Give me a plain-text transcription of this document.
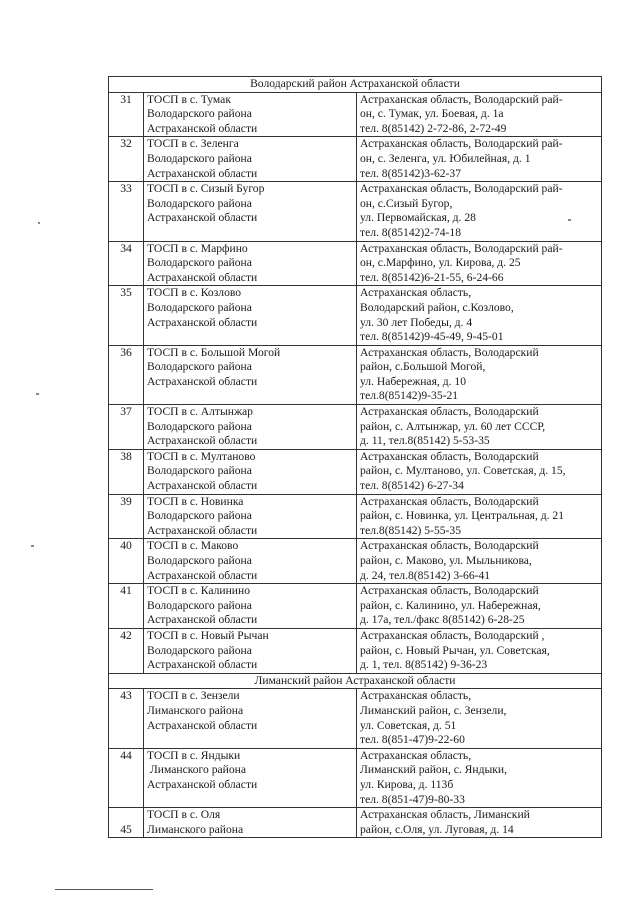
Володарский район Астраханской области		
31	ТОСП в с. Тумак
Володарского района
Астраханской области	Астраханская область, Володарский рай-
он, с. Тумак, ул. Боевая, д. 1а
тел. 8(85142) 2-72-86, 2-72-49

32	ТОСП в с. Зеленга
Володарского района
Астраханской области	Астраханская область, Володарский рай-
он, с. Зеленга, ул. Юбилейная, д. 1
тел. 8(85142)3-62-37

33	ТОСП в с. Сизый Бугор
Володарского района
Астраханской области	Астраханская область, Володарский рай-
он, с.Сизый Бугор,
ул. Первомайская, д. 28
тел. 8(85142)2-74-18

34	ТОСП в с. Марфино
Володарского района
Астраханской области	Астраханская область, Володарский рай-
он, с.Марфино, ул. Кирова, д. 25
тел. 8(85142)6-21-55, 6-24-66

35	ТОСП в с. Козлово
Володарского района
Астраханской области	Астраханская область,
Володарский район, с.Козлово,
ул. 30 лет Победы, д. 4
тел. 8(85142)9-45-49, 9-45-01

36	ТОСП в с. Большой Могой
Володарского района
Астраханской области	Астраханская область, Володарский
район, с.Большой Могой,
ул. Набережная, д. 10
тел.8(85142)9-35-21

37	ТОСП в с. Алтынжар
Володарского района
Астраханской области	Астраханская область, Володарский
район, с. Алтынжар, ул. 60 лет СССР,
д. 11, тел.8(85142) 5-53-35

38	ТОСП в с. Мултаново
Володарского района
Астраханской области	Астраханская область, Володарский
район, с. Мултаново, ул. Советская, д. 15,
тел. 8(85142) 6-27-34

39	ТОСП в с. Новинка
Володарского района
Астраханской области	Астраханская область, Володарский
район, с. Новинка, ул. Центральная, д. 21
тел.8(85142) 5-55-35

40	ТОСП в с. Маково
Володарского района
Астраханской области	Астраханская область, Володарский
район, с. Маково, ул. Мыльникова,
д. 24, тел.8(85142) 3-66-41

41	ТОСП в с. Калинино
Володарского района
Астраханской области	Астраханская область, Володарский
район, с. Калинино, ул. Набережная,
д. 17а, тел./факс 8(85142) 6-28-25

42	ТОСП в с. Новый Рычан
Володарского района
Астраханской области	Астраханская область, Володарский ,
район, с. Новый Рычан, ул. Советская,
д. 1, тел. 8(85142) 9-36-23

Лиманский район Астраханской области		
43	ТОСП в с. Зензели
Лиманского района
Астраханской области	Астраханская область,
Лиманский район, с. Зензели,
ул. Советская, д. 51
тел. 8(851-47)9-22-60

44	ТОСП в с. Яндыки
Лиманского района
Астраханской области	Астраханская область,
Лиманский район, с. Яндыки,
ул. Кирова, д. 113б
тел. 8(851-47)9-80-33

45	ТОСП в с. Оля
Лиманского района	Астраханская область, Лиманский
район, с.Оля, ул. Луговая, д. 14
